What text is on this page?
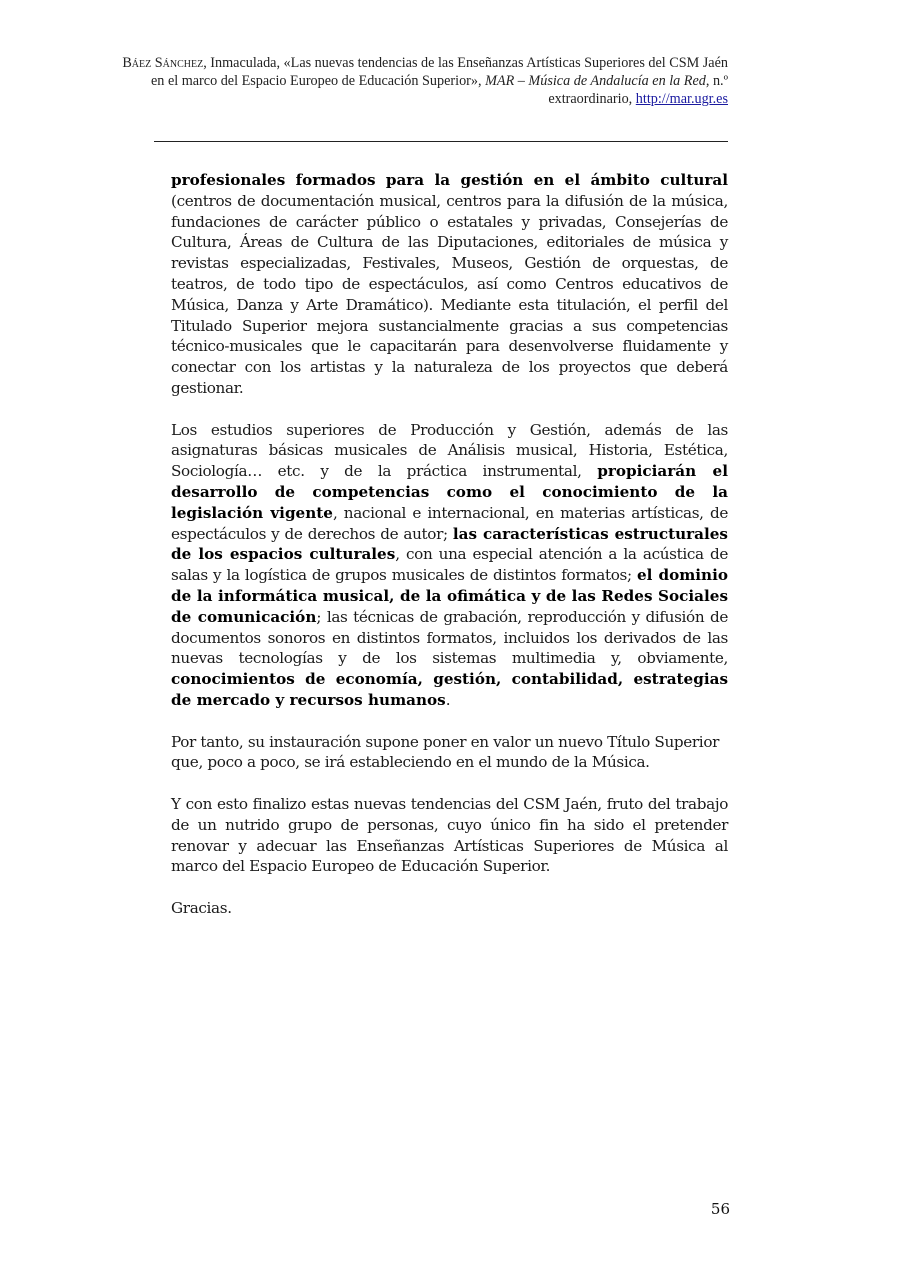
Báez Sánchez, Inmaculada, «Las nuevas tendencias de las Enseñanzas Artísticas Superiores del CSM Jaén en el marco del Espacio Europeo de Educación Superior», MAR – Música de Andalucía en la Red, n.º extraordinario, http://mar.ugr.es

profesionales formados para la gestión en el ámbito cultural (centros de documentación musical, centros para la difusión de la música, fundaciones de carácter público o estatales y privadas, Consejerías de Cultura, Áreas de Cultura de las Diputaciones, editoriales de música y revistas especializadas, Festivales, Museos, Gestión de orquestas, de teatros, de todo tipo de espectáculos, así como Centros educativos de Música, Danza y Arte Dramático). Mediante esta titulación, el perfil del Titulado Superior mejora sustancialmente gracias a sus competencias técnico-musicales que le capacitarán para desenvolverse fluidamente y conectar con los artistas y la naturaleza de los proyectos que deberá gestionar.

Los estudios superiores de Producción y Gestión, además de las asignaturas básicas musicales de Análisis musical, Historia, Estética, Sociología… etc. y de la práctica instrumental, propiciarán el desarrollo de competencias como el conocimiento de la legislación vigente, nacional e internacional, en materias artísticas, de espectáculos y de derechos de autor; las características estructurales de los espacios culturales, con una especial atención a la acústica de salas y la logística de grupos musicales de distintos formatos; el dominio de la informática musical, de la ofimática y de las Redes Sociales de comunicación; las técnicas de grabación, reproducción y difusión de documentos sonoros en distintos formatos, incluidos los derivados de las nuevas tecnologías y de los sistemas multimedia y, obviamente, conocimientos de economía, gestión, contabilidad, estrategias de mercado y recursos humanos.

Por tanto, su instauración supone poner en valor un nuevo Título Superior que, poco a poco, se irá estableciendo en el mundo de la Música.

Y con esto finalizo estas nuevas tendencias del CSM Jaén, fruto del trabajo de un nutrido grupo de personas, cuyo único fin ha sido el pretender renovar y adecuar las Enseñanzas Artísticas Superiores de Música al marco del Espacio Europeo de Educación Superior.

Gracias.

56
